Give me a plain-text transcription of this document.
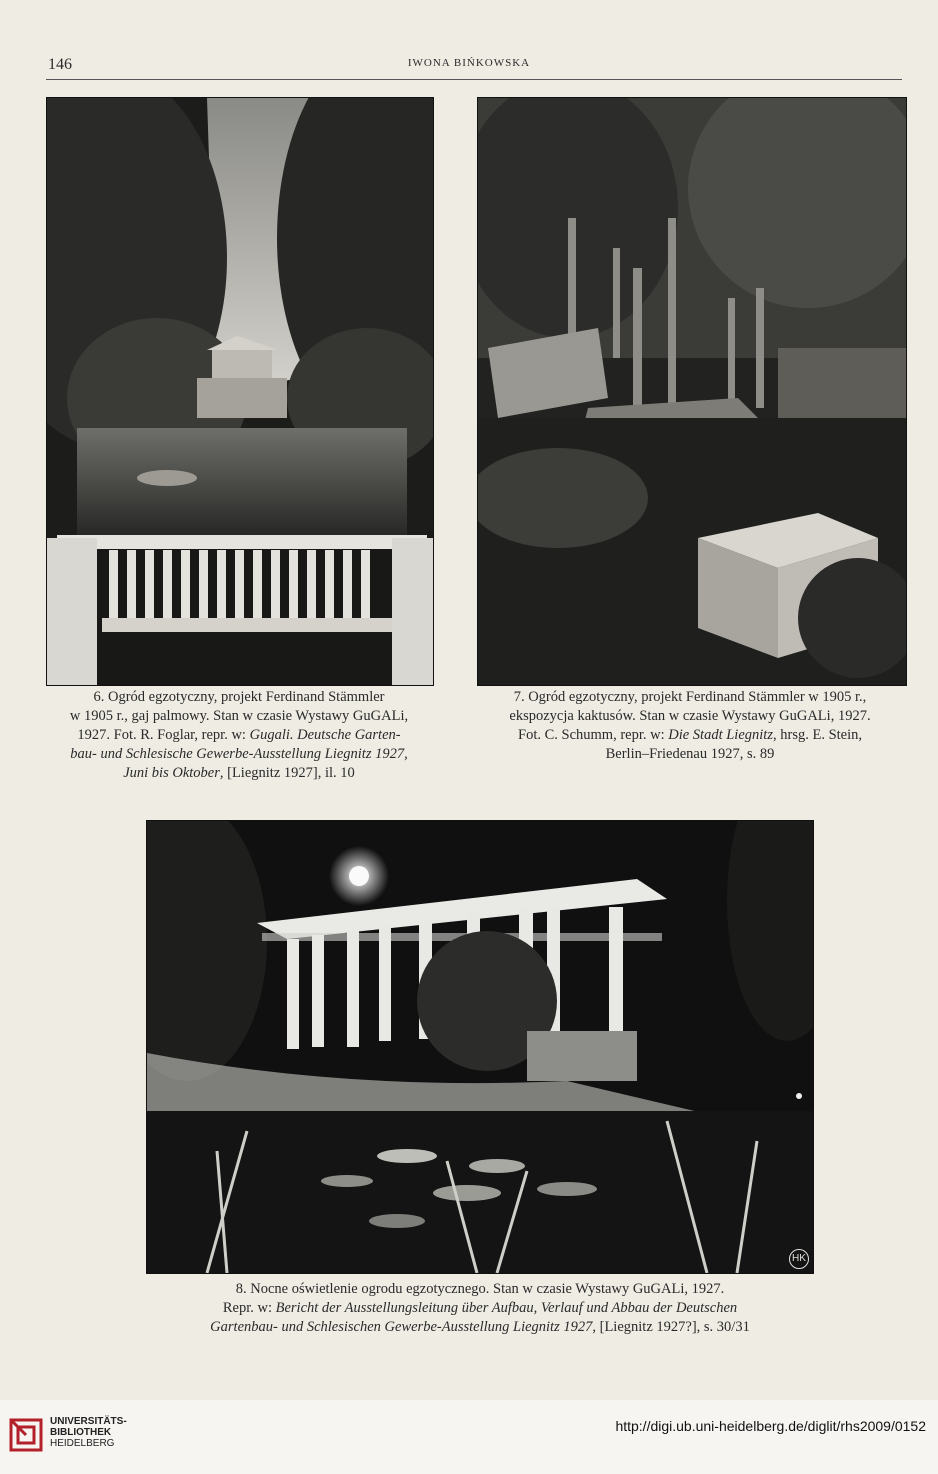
146	IWONA BIŃKOWSKA
6. Ogród egzotyczny, projekt Ferdinand Stämmler
w 1905 r., gaj palmowy. Stan w czasie Wystawy GuGALi,
1927. Fot. R. Foglar, repr. w: Gugali. Deutsche Garten-
bau- und Schlesische Gewerbe-Ausstellung Liegnitz 1927,
Juni bis Oktober, [Liegnitz 1927], il. 10
7. Ogród egzotyczny, projekt Ferdinand Stämmler w 1905 r.,
ekspozycja kaktusów. Stan w czasie Wystawy GuGALi, 1927.
Fot. C. Schumm, repr. w: Die Stadt Liegnitz, hrsg. E. Stein,
Berlin–Friedenau 1927, s. 89
HK
8. Nocne oświetlenie ogrodu egzotycznego. Stan w czasie Wystawy GuGALi, 1927.
Repr. w: Bericht der Ausstellungsleitung über Aufbau, Verlauf und Abbau der Deutschen
Gartenbau- und Schlesischen Gewerbe-Ausstellung Liegnitz 1927, [Liegnitz 1927?], s. 30/31
UNIVERSITÄTS-
BIBLIOTHEK
HEIDELBERG
http://digi.ub.uni-heidelberg.de/diglit/rhs2009/0152
